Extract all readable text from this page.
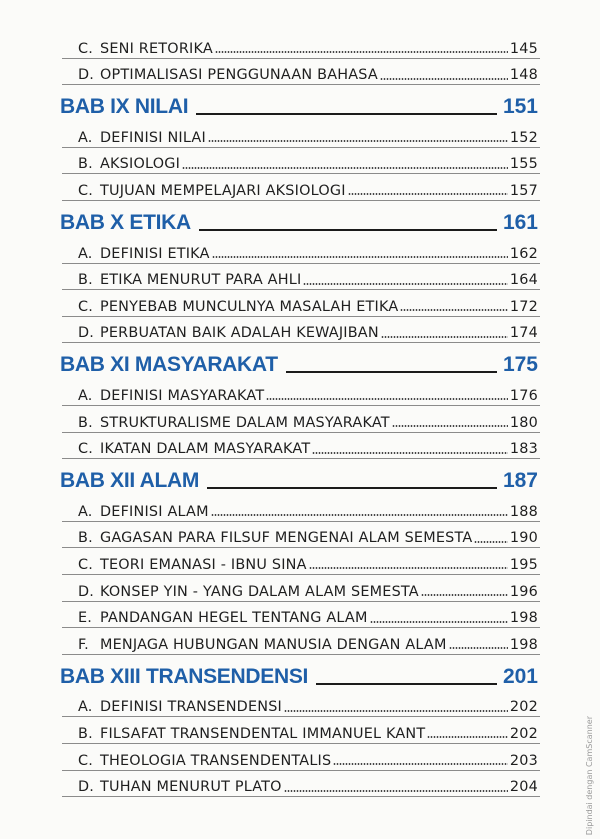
C. SENI RETORIKA	145
D. OPTIMALISASI PENGGUNAAN BAHASA	148
BAB IX NILAI	151
A. DEFINISI NILAI	152
B. AKSIOLOGI	155
C. TUJUAN MEMPELAJARI AKSIOLOGI	157
BAB X ETIKA	161
A. DEFINISI ETIKA	162
B. ETIKA MENURUT PARA AHLI	164
C. PENYEBAB MUNCULNYA MASALAH ETIKA	172
D. PERBUATAN BAIK ADALAH KEWAJIBAN	174
BAB XI MASYARAKAT	175
A. DEFINISI MASYARAKAT	176
B. STRUKTURALISME DALAM MASYARAKAT	180
C. IKATAN DALAM MASYARAKAT	183
BAB XII ALAM	187
A. DEFINISI ALAM	188
B. GAGASAN PARA FILSUF MENGENAI ALAM SEMESTA	190
C. TEORI EMANASI - IBNU SINA	195
D. KONSEP YIN - YANG DALAM ALAM SEMESTA	196
E. PANDANGAN HEGEL TENTANG ALAM	198
F. MENJAGA HUBUNGAN MANUSIA DENGAN ALAM	198
BAB XIII TRANSENDENSI	201
A. DEFINISI TRANSENDENSI	202
B. FILSAFAT TRANSENDENTAL IMMANUEL KANT	202
C. THEOLOGIA TRANSENDENTALIS	203
D. TUHAN MENURUT PLATO	204	Dipindai dengan CamScanner
